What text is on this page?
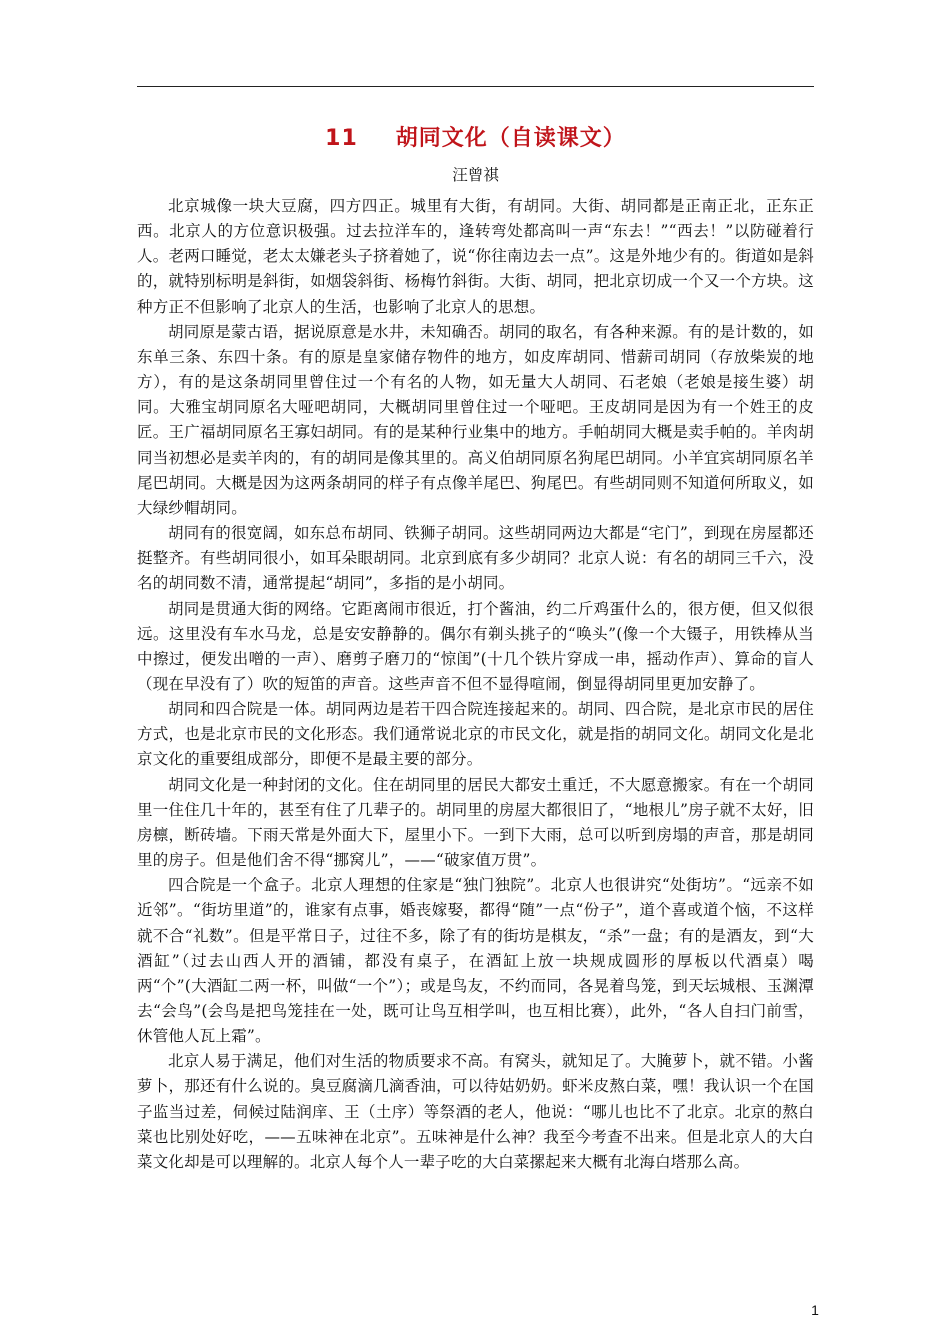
11 胡同文化（自读课文）
汪曾祺

北京城像一块大豆腐，四方四正。城里有大街，有胡同。大街、胡同都是正南正北，正东正西。北京人的方位意识极强。过去拉洋车的，逢转弯处都高叫一声“东去！”“西去！”以防碰着行人。老两口睡觉，老太太嫌老头子挤着她了，说“你往南边去一点”。这是外地少有的。街道如是斜的，就特别标明是斜街，如烟袋斜街、杨梅竹斜街。大街、胡同，把北京切成一个又一个方块。这种方正不但影响了北京人的生活，也影响了北京人的思想。

胡同原是蒙古语，据说原意是水井，未知确否。胡同的取名，有各种来源。有的是计数的，如东单三条、东四十条。有的原是皇家储存物件的地方，如皮库胡同、惜薪司胡同（存放柴炭的地方），有的是这条胡同里曾住过一个有名的人物，如无量大人胡同、石老娘（老娘是接生婆）胡同。大雅宝胡同原名大哑吧胡同，大概胡同里曾住过一个哑吧。王皮胡同是因为有一个姓王的皮匠。王广福胡同原名王寡妇胡同。有的是某种行业集中的地方。手帕胡同大概是卖手帕的。羊肉胡同当初想必是卖羊肉的，有的胡同是像其里的。高义伯胡同原名狗尾巴胡同。小羊宜宾胡同原名羊尾巴胡同。大概是因为这两条胡同的样子有点像羊尾巴、狗尾巴。有些胡同则不知道何所取义，如大绿纱帽胡同。

胡同有的很宽阔，如东总布胡同、铁狮子胡同。这些胡同两边大都是“宅门”，到现在房屋都还挺整齐。有些胡同很小，如耳朵眼胡同。北京到底有多少胡同？北京人说：有名的胡同三千六，没名的胡同数不清，通常提起“胡同”，多指的是小胡同。

胡同是贯通大街的网络。它距离闹市很近，打个酱油，约二斤鸡蛋什么的，很方便，但又似很远。这里没有车水马龙，总是安安静静的。偶尔有剃头挑子的“唤头”(像一个大镊子，用铁棒从当中擦过，便发出噌的一声）、磨剪子磨刀的“惊闺”(十几个铁片穿成一串，摇动作声）、算命的盲人（现在早没有了）吹的短笛的声音。这些声音不但不显得喧闹，倒显得胡同里更加安静了。

胡同和四合院是一体。胡同两边是若干四合院连接起来的。胡同、四合院，是北京市民的居住方式，也是北京市民的文化形态。我们通常说北京的市民文化，就是指的胡同文化。胡同文化是北京文化的重要组成部分，即便不是最主要的部分。

胡同文化是一种封闭的文化。住在胡同里的居民大都安土重迁，不大愿意搬家。有在一个胡同里一住住几十年的，甚至有住了几辈子的。胡同里的房屋大都很旧了，“地根儿”房子就不太好，旧房檩，断砖墙。下雨天常是外面大下，屋里小下。一到下大雨，总可以听到房塌的声音，那是胡同里的房子。但是他们舍不得“挪窝儿”，——“破家值万贯”。

四合院是一个盒子。北京人理想的住家是“独门独院”。北京人也很讲究“处街坊”。“远亲不如近邻”。“街坊里道”的，谁家有点事，婚丧嫁娶，都得“随”一点“份子”，道个喜或道个恼，不这样就不合“礼数”。但是平常日子，过往不多，除了有的街坊是棋友，“杀”一盘；有的是酒友，到“大酒缸”（过去山西人开的酒铺，都没有桌子，在酒缸上放一块规成圆形的厚板以代酒桌）喝两“个”(大酒缸二两一杯，叫做“一个”）；或是鸟友，不约而同，各晃着鸟笼，到天坛城根、玉渊潭去“会鸟”(会鸟是把鸟笼挂在一处，既可让鸟互相学叫，也互相比赛），此外，“各人自扫门前雪，休管他人瓦上霜”。

北京人易于满足，他们对生活的物质要求不高。有窝头，就知足了。大腌萝卜，就不错。小酱萝卜，那还有什么说的。臭豆腐滴几滴香油，可以待姑奶奶。虾米皮熬白菜，嘿！我认识一个在国子监当过差，伺候过陆润庠、王（土序）等祭酒的老人，他说：“哪儿也比不了北京。北京的熬白菜也比别处好吃，——五味神在北京”。五味神是什么神？我至今考查不出来。但是北京人的大白菜文化却是可以理解的。北京人每个人一辈子吃的大白菜摞起来大概有北海白塔那么高。

1
